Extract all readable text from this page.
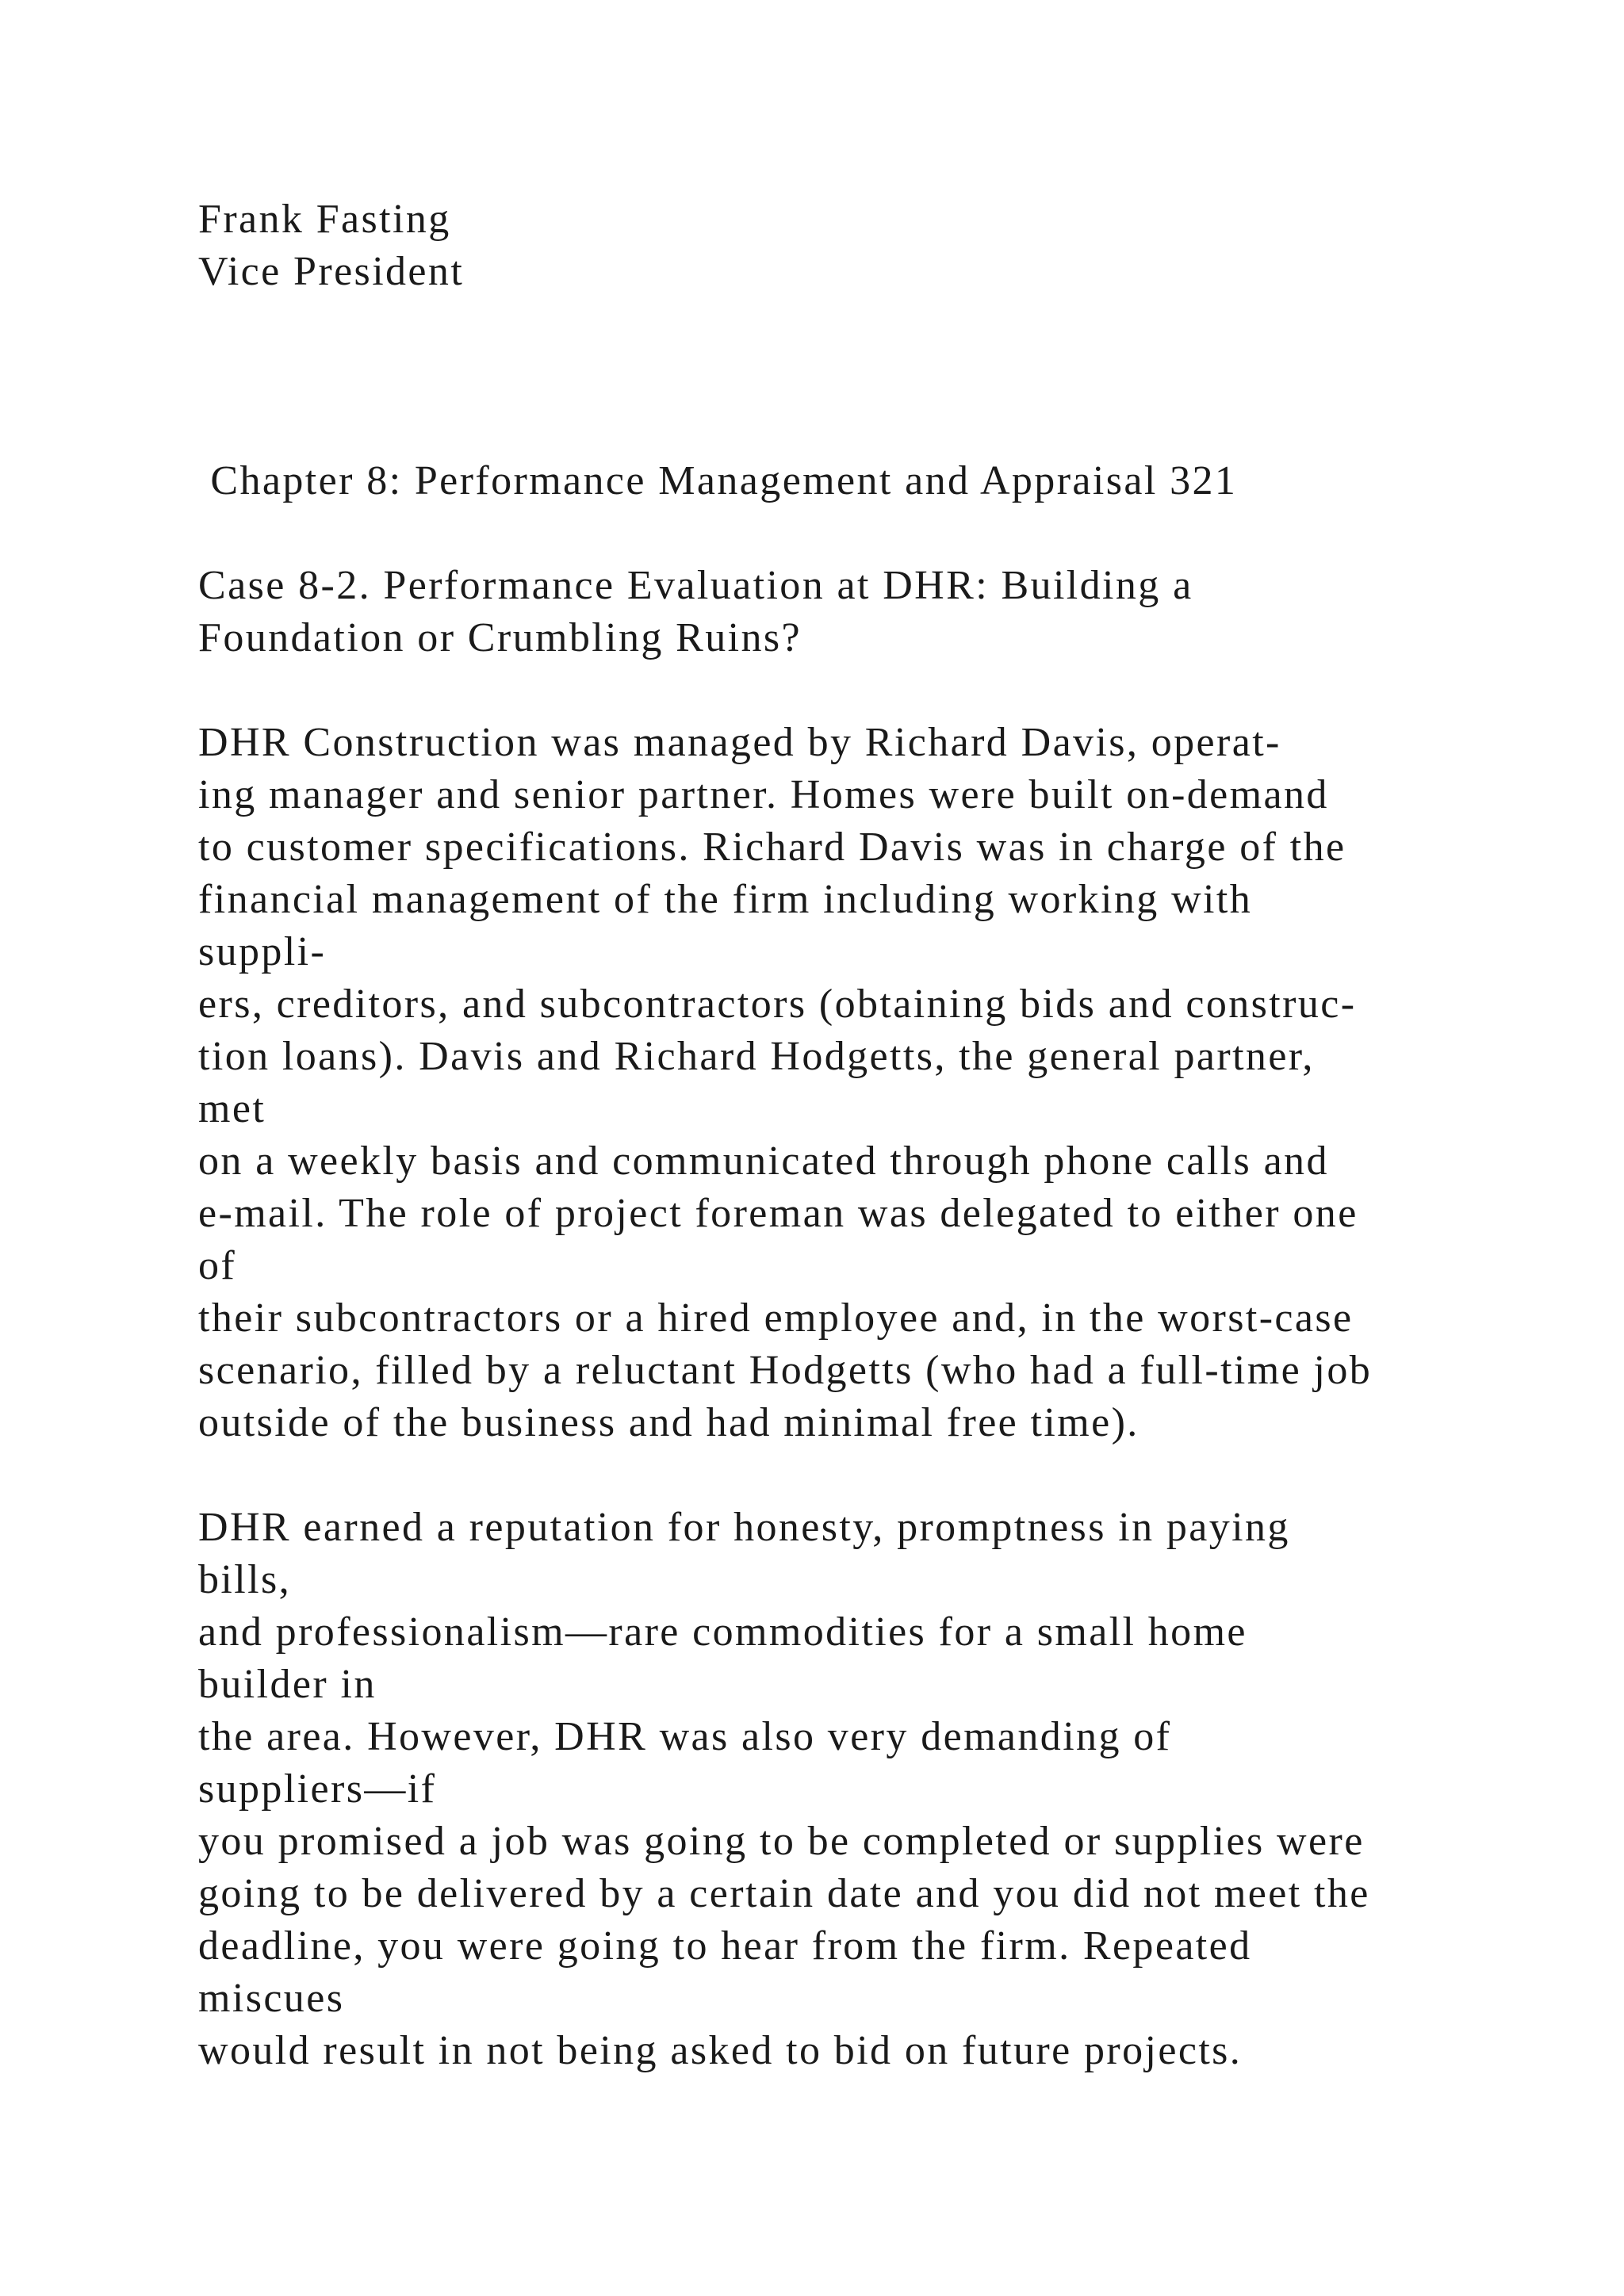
Frank Fasting
Vice President
Chapter 8: Performance Management and Appraisal 321
Case 8-2. Performance Evaluation at DHR: Building a
Foundation or Crumbling Ruins?
DHR Construction was managed by Richard Davis, operat-
ing manager and senior partner. Homes were built on-demand
to customer specifications. Richard Davis was in charge of the
financial management of the firm including working with
suppli-
ers, creditors, and subcontractors (obtaining bids and construc-
tion loans). Davis and Richard Hodgetts, the general partner,
met
on a weekly basis and communicated through phone calls and
e-mail. The role of project foreman was delegated to either one
of
their subcontractors or a hired employee and, in the worst-case
scenario, filled by a reluctant Hodgetts (who had a full-time job
outside of the business and had minimal free time).
DHR earned a reputation for honesty, promptness in paying
bills,
and professionalism—rare commodities for a small home
builder in
the area. However, DHR was also very demanding of
suppliers—if
you promised a job was going to be completed or supplies were
going to be delivered by a certain date and you did not meet the
deadline, you were going to hear from the firm. Repeated
miscues
would result in not being asked to bid on future projects.
